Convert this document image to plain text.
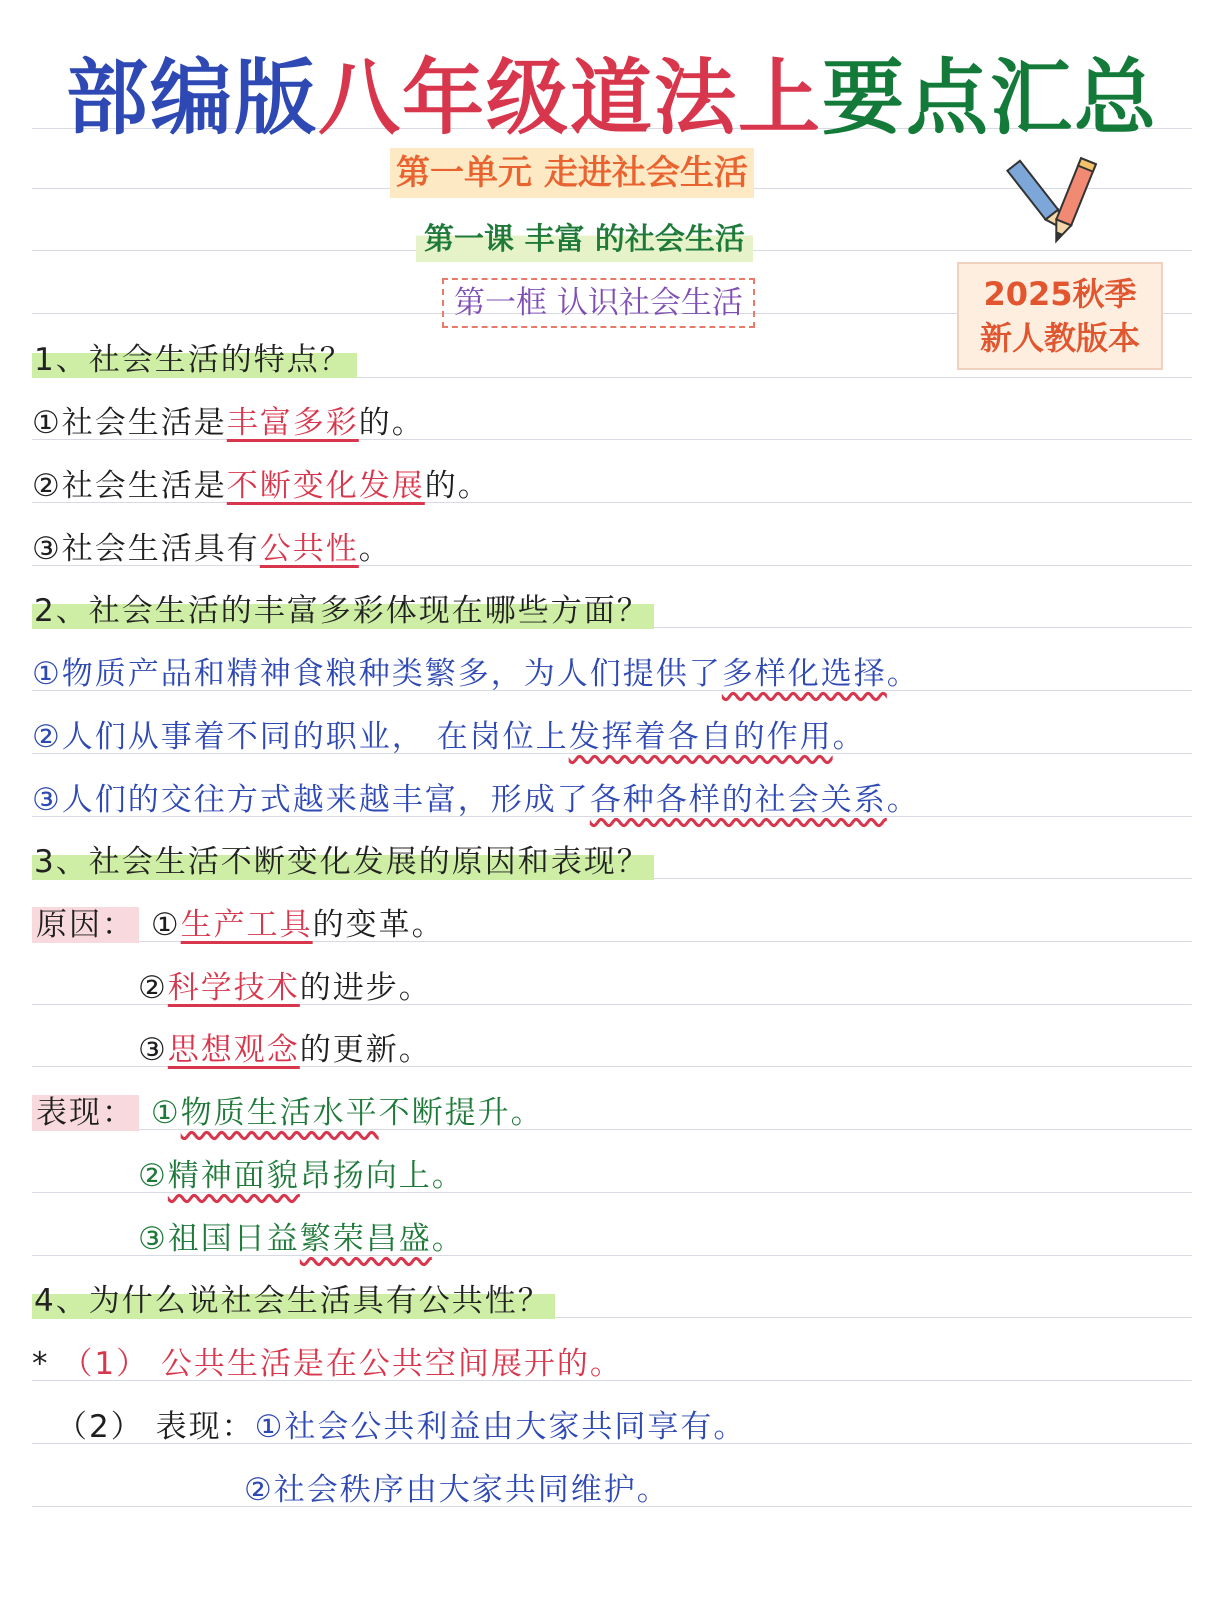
部编版八年级道法上要点汇总
第一单元 走进社会生活
第一课 丰富 的社会生活
第一框 认识社会生活	2025秋季
新人教版本
1、社会生活的特点？
①社会生活是丰富多彩的。
②社会生活是不断变化发展的。
③社会生活具有公共性。
2、社会生活的丰富多彩体现在哪些方面？
①物质产品和精神食粮种类繁多，为人们提供了多样化选择。
②人们从事着不同的职业， 在岗位上发挥着各自的作用。
③人们的交往方式越来越丰富，形成了各种各样的社会关系。
3、社会生活不断变化发展的原因和表现？
原因： ①生产工具的变革。
②科学技术的进步。
③思想观念的更新。
表现： ①物质生活水平不断提升。
②精神面貌昂扬向上。
③祖国日益繁荣昌盛。
4、为什么说社会生活具有公共性？
* （1） 公共生活是在公共空间展开的。
（2） 表现：①社会公共利益由大家共同享有。
②社会秩序由大家共同维护。
